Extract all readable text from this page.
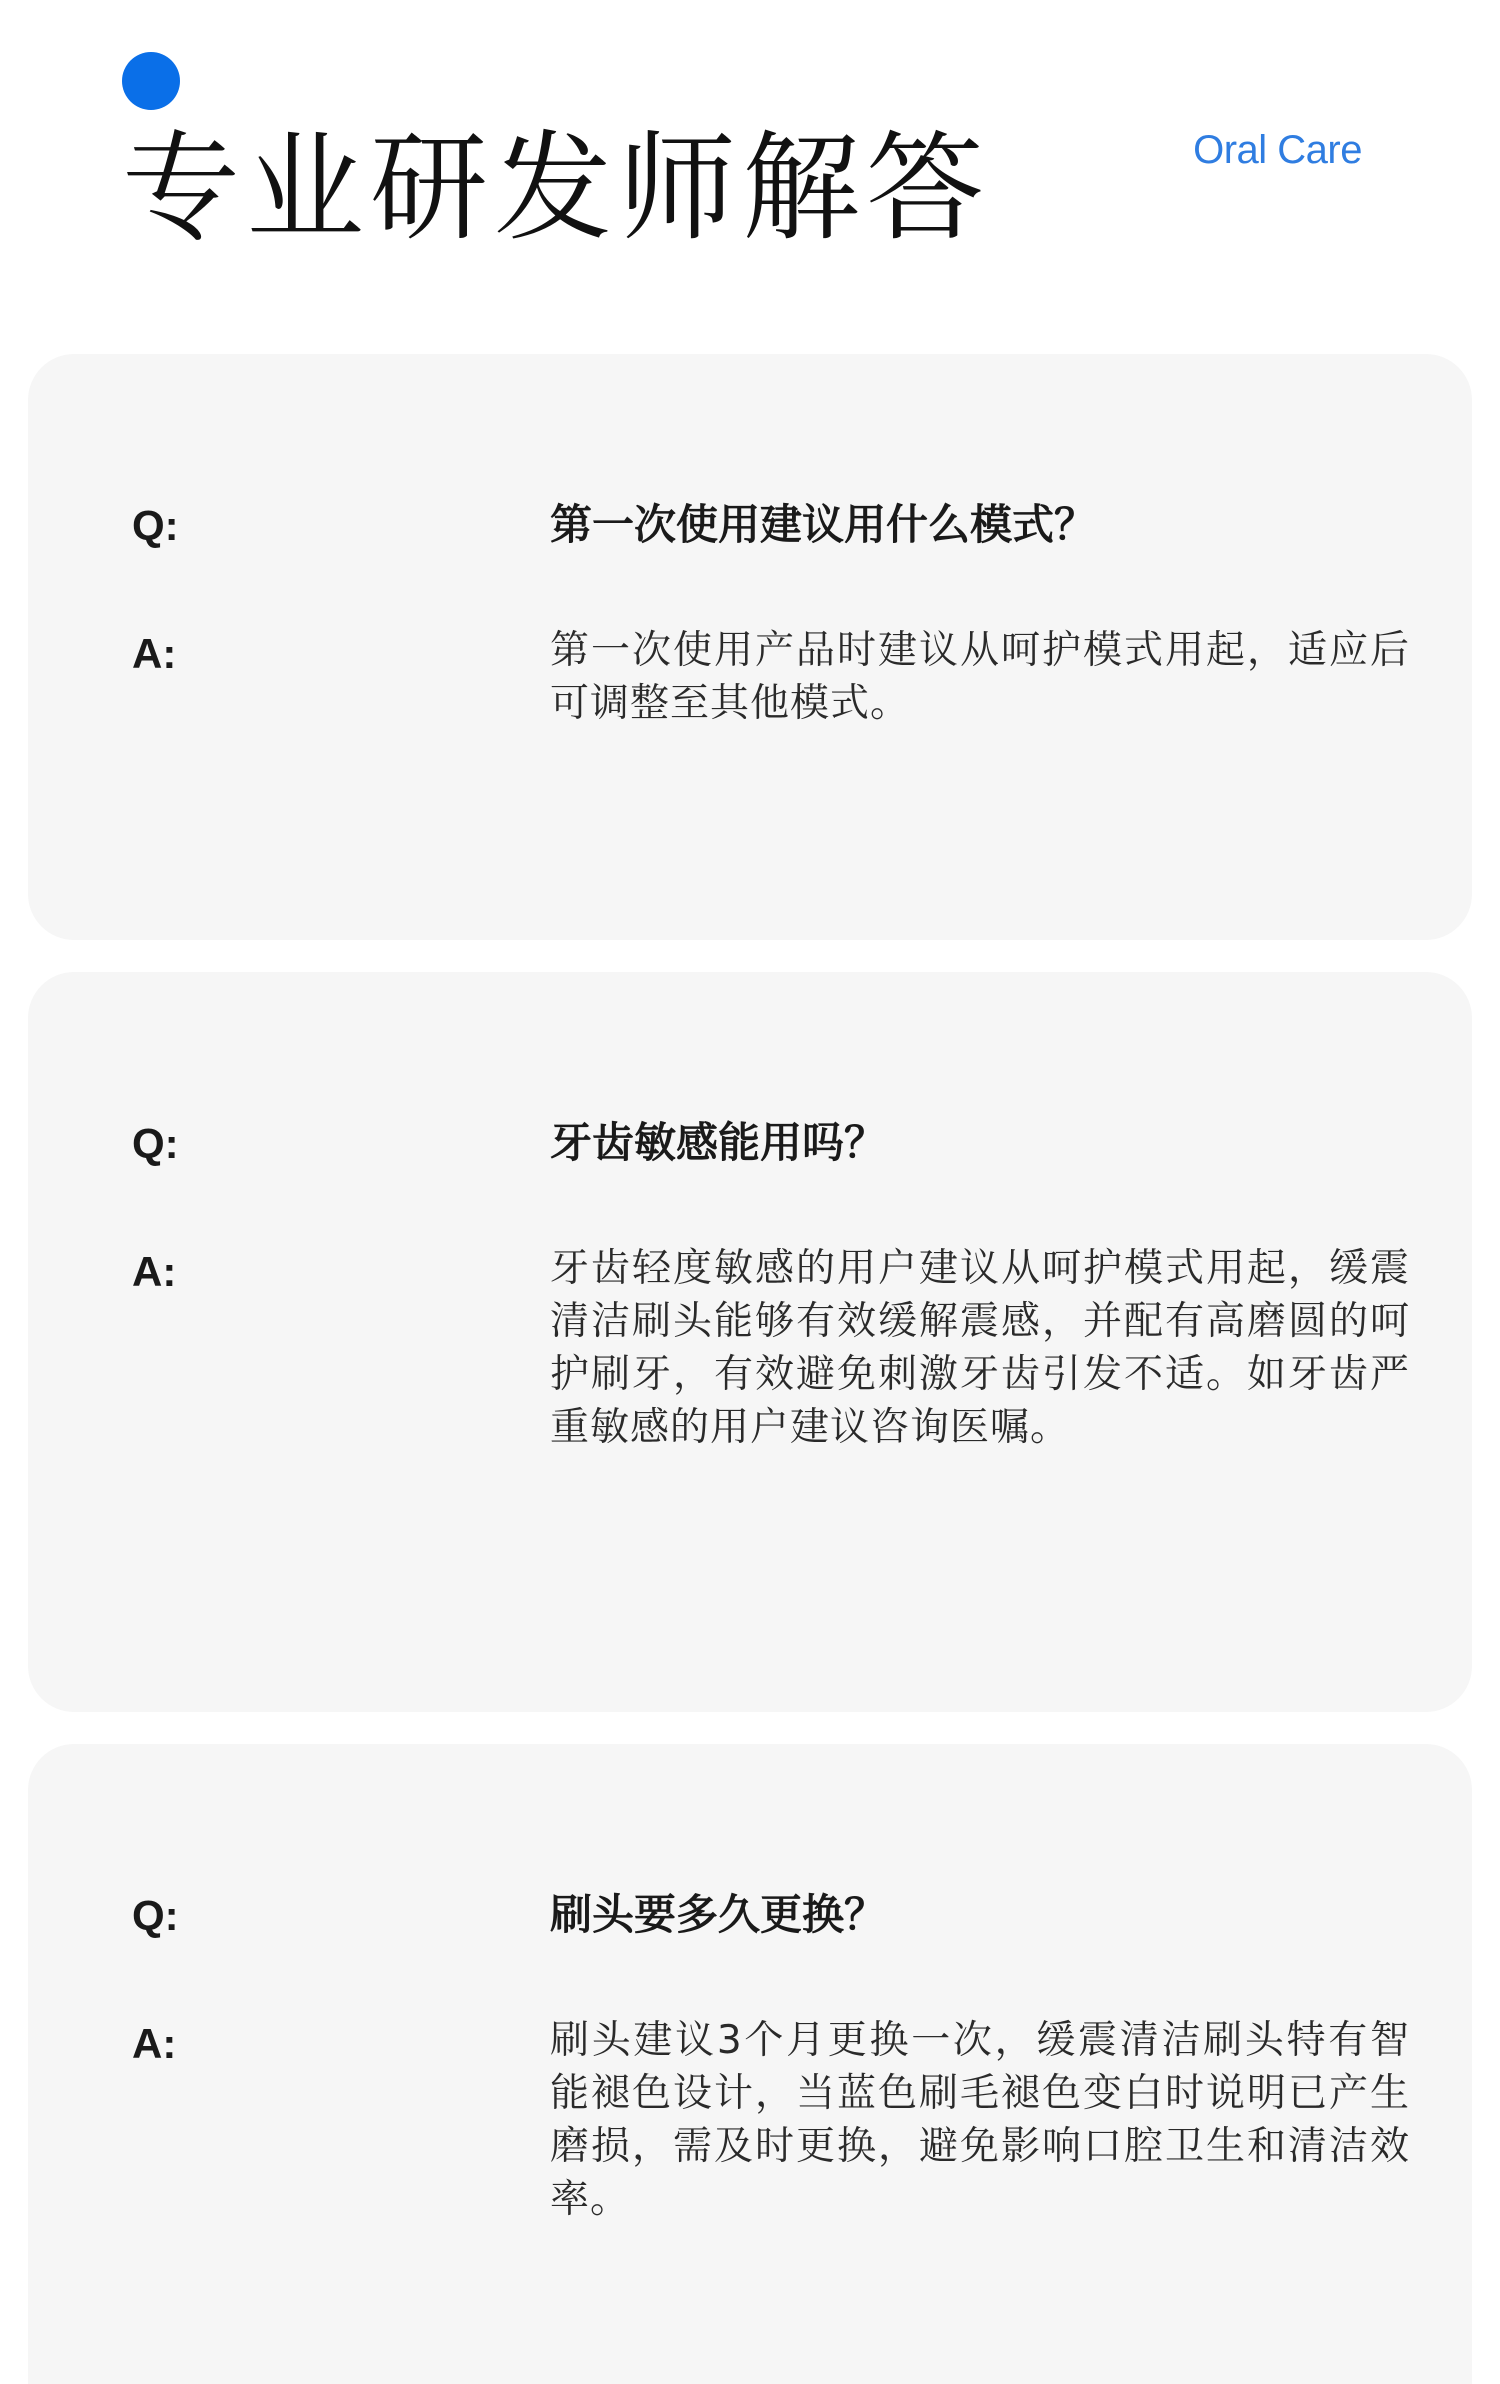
专业研发师解答	Oral Care
Q:	第一次使用建议用什么模式？
A:	第一次使用产品时建议从呵护模式用起，适应后可调整至其他模式。

Q:	牙齿敏感能用吗？
A:	牙齿轻度敏感的用户建议从呵护模式用起，缓震清洁刷头能够有效缓解震感，并配有高磨圆的呵护刷牙，有效避免刺激牙齿引发不适。如牙齿严重敏感的用户建议咨询医嘱。

Q:	刷头要多久更换？
A:	刷头建议3个月更换一次，缓震清洁刷头特有智能褪色设计，当蓝色刷毛褪色变白时说明已产生磨损，需及时更换，避免影响口腔卫生和清洁效率。
